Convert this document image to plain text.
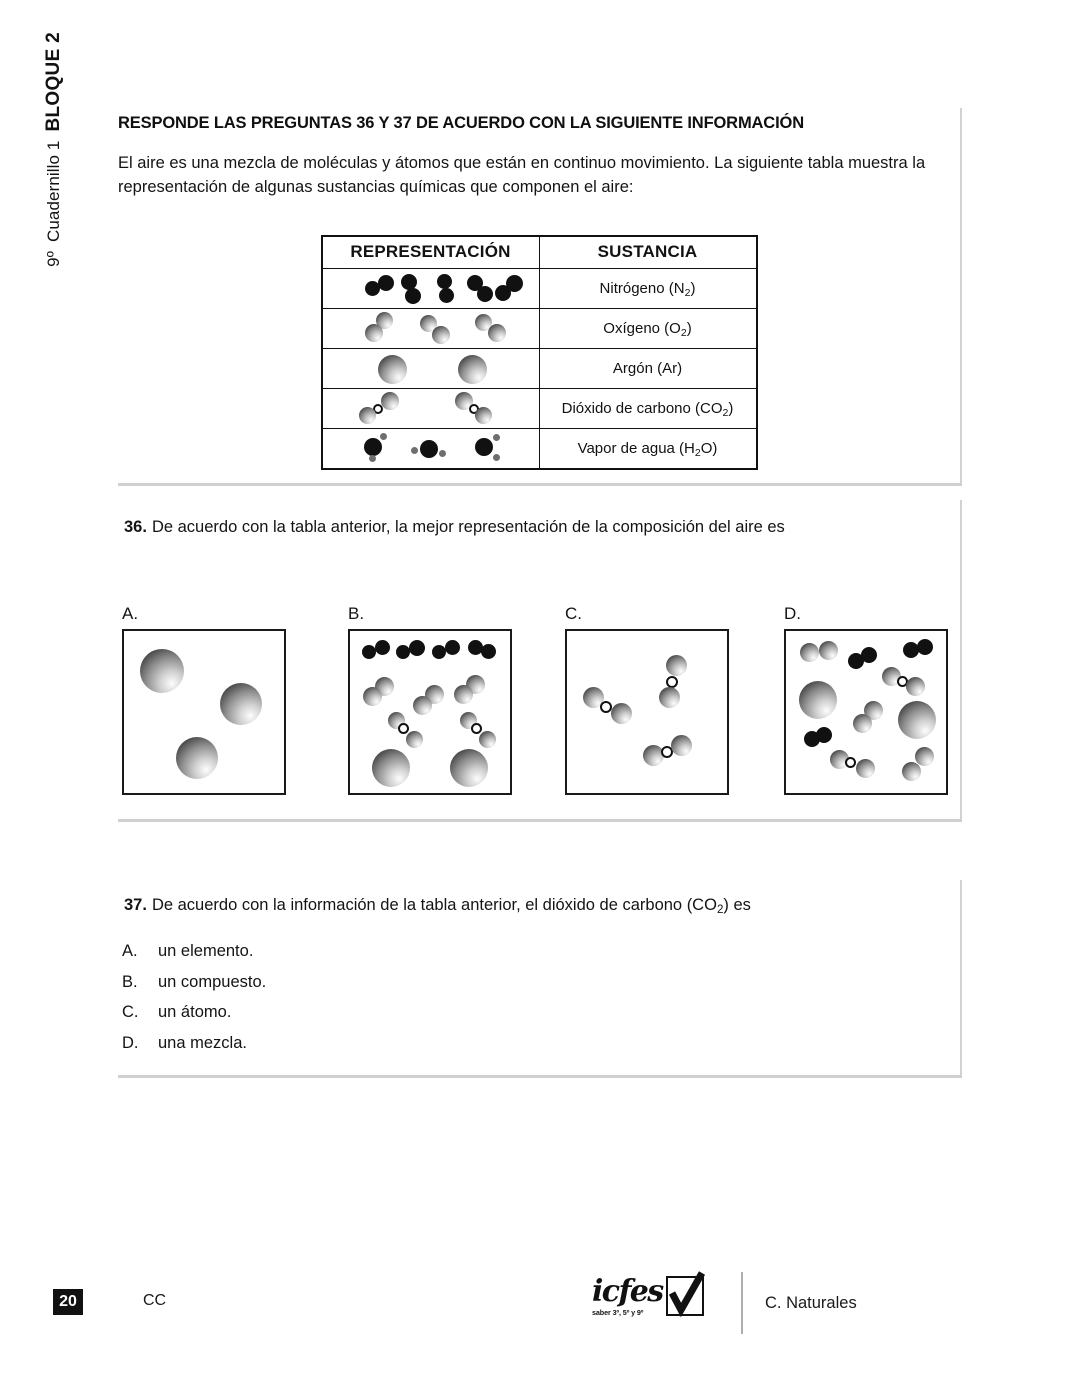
9º
Cuadernillo 1
BLOQUE 2	RESPONDE LAS PREGUNTAS 36 Y 37 DE ACUERDO CON LA SIGUIENTE INFORMACIÓN
El aire es una mezcla de moléculas y átomos que están en continuo movimiento. La siguiente tabla muestra la representación de algunas sustancias químicas que componen el aire:
REPRESENTACIÓN	SUSTANCIA

	Nitrógeno $(N_2)$

	Oxígeno $(O_2)$

	Argón (Ar)

	Dióxido de carbono $(CO_2)$

	Vapor de agua $(H_2O)$
36. De acuerdo con la tabla anterior, la mejor representación de la composición del aire es
A.	B.	C.	D.
37. De acuerdo con la información de la tabla anterior, el dióxido de carbono $(CO_2)$ es
A. un elemento.
B. un compuesto.
C. un átomo.
D. una mezcla.
20	CC	icfes
saber 3º, 5º y 9º
C. Naturales
